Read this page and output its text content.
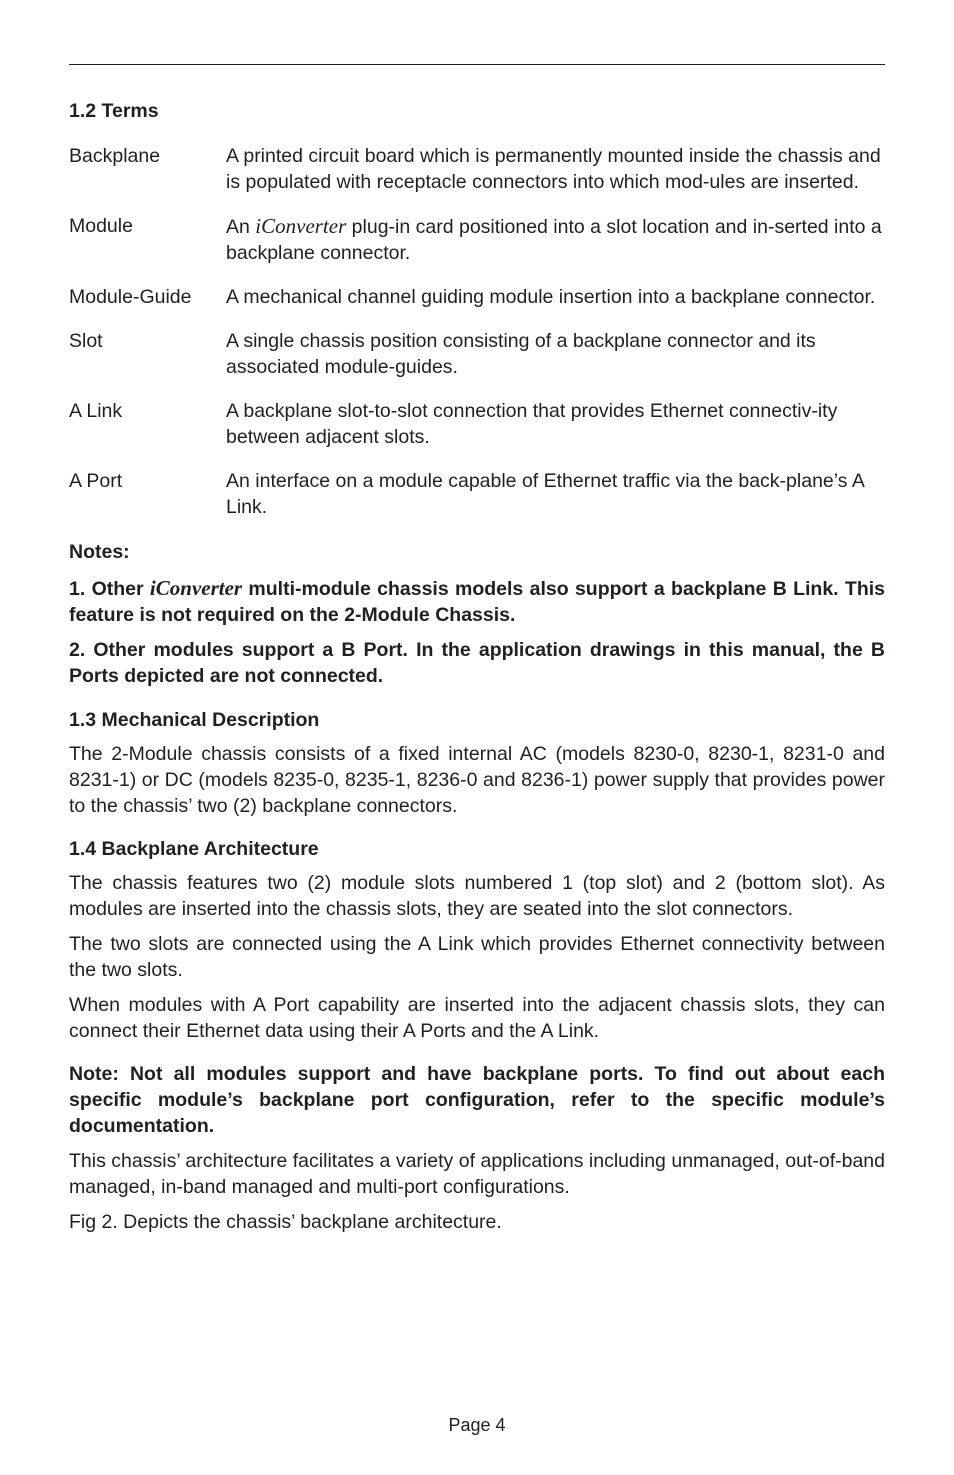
1.2 Terms
Backplane	A printed circuit board which is permanently mounted inside the chassis and is populated with receptacle connectors into which mod-ules are inserted.
Module	An iConverter plug-in card positioned into a slot location and in-serted into a backplane connector.
Module-Guide	A mechanical channel guiding module insertion into a backplane connector.
Slot	A single chassis position consisting of a backplane connector and its associated module-guides.
A Link	A backplane slot-to-slot connection that provides Ethernet connectiv-ity between adjacent slots.
A Port	An interface on a module capable of Ethernet traffic via the back-plane’s A Link.
Notes:

1. Other iConverter multi-module chassis models also support a backplane B Link. This feature is not required on the 2-Module Chassis.

2. Other modules support a B Port. In the application drawings in this manual, the B Ports depicted are not connected.

1.3 Mechanical Description

The 2-Module chassis consists of a fixed internal AC (models 8230-0, 8230-1, 8231-0 and 8231-1) or DC (models 8235-0, 8235-1, 8236-0 and 8236-1) power supply that provides power to the chassis’ two (2) backplane connectors.

1.4 Backplane Architecture

The chassis features two (2) module slots numbered 1 (top slot) and 2 (bottom slot). As modules are inserted into the chassis slots, they are seated into the slot connectors.

The two slots are connected using the A Link which provides Ethernet connectivity between the two slots.

When modules with A Port capability are inserted into the adjacent chassis slots, they can connect their Ethernet data using their A Ports and the A Link.

Note: Not all modules support and have backplane ports. To find out about each specific module’s backplane port configuration, refer to the specific module’s documentation.

This chassis’ architecture facilitates a variety of applications including unmanaged, out-of-band managed, in-band managed and multi-port configurations.

Fig 2. Depicts the chassis’ backplane architecture.

Page 4
